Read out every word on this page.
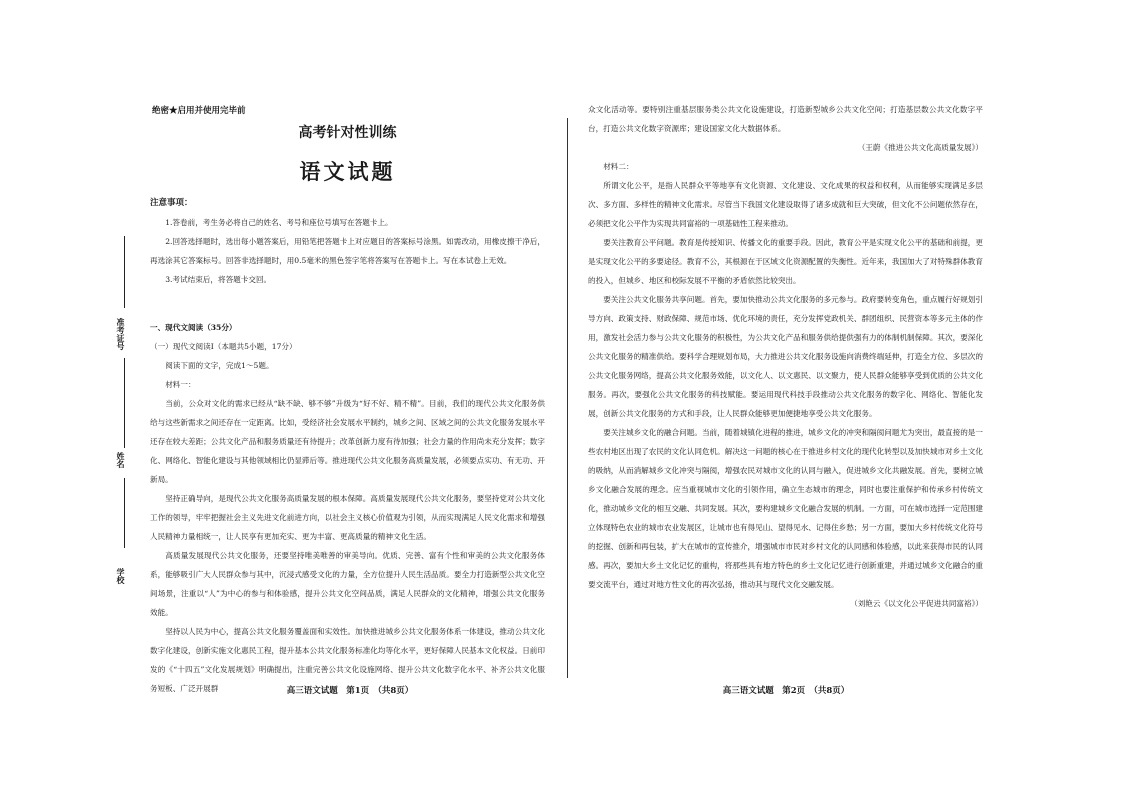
准考证号
姓名
学校
绝密★启用并使用完毕前
高考针对性训练
语文试题
注意事项：

1.答卷前，考生务必将自己的姓名、考号和座位号填写在答题卡上。

2.回答选择题时，选出每小题答案后，用铅笔把答题卡上对应题目的答案标号涂黑。如需改动，用橡皮擦干净后，再选涂其它答案标号。回答非选择题时，用0.5毫米的黑色签字笔将答案写在答题卡上。写在本试卷上无效。

3.考试结束后，将答题卡交回。

一、现代文阅读（35分）
（一）现代文阅读Ⅰ（本题共5小题，17分）

阅读下面的文字，完成1～5题。

材料一：

当前，公众对文化的需求已经从“缺不缺、够不够”升级为“好不好、精不精”。目前，我们的现代公共文化服务供给与这些新需求之间还存在一定距离。比如，受经济社会发展水平制约，城乡之间、区域之间的公共文化服务发展水平还存在较大差距；公共文化产品和服务质量还有待提升；改革创新力度有待加强；社会力量的作用尚未充分发挥；数字化、网络化、智能化建设与其他领域相比仍显滞后等。推进现代公共文化服务高质量发展，必须要点实功、有无功、开新局。

坚持正确导向，是现代公共文化服务高质量发展的根本保障。高质量发展现代公共文化服务，要坚持党对公共文化工作的领导，牢牢把握社会主义先进文化前进方向，以社会主义核心价值观为引领，从而实现满足人民文化需求和增强人民精神力量相统一，让人民享有更加充实、更为丰富、更高质量的精神文化生活。

高质量发展现代公共文化服务，还要坚持唯美唯善的审美导向。优质、完善、富有个性和审美的公共文化服务体系，能够吸引广大人民群众参与其中，沉浸式感受文化的力量，全方位提升人民生活品质。要全力打造新型公共文化空间场景，注重以“人”为中心的参与和体验感，提升公共文化空间品质，满足人民群众的文化精神，增强公共文化服务效能。

坚持以人民为中心，提高公共文化服务覆盖面和实效性。加快推进城乡公共文化服务体系一体建设，推动公共文化数字化建设，创新实施文化惠民工程，提升基本公共文化服务标准化均等化水平，更好保障人民基本文化权益。日前印发的《“十四五”文化发展规划》明确提出，注重完善公共文化设施网络、提升公共文化数字化水平、补齐公共文化服务短板、广泛开展群

众文化活动等。要特别注重基层服务类公共文化设施建设，打造新型城乡公共文化空间；打造基层数公共文化数字平台，打造公共文化数字资源库；建设国家文化大数据体系。

（王蔚《推进公共文化高质量发展》）

材料二：

所谓文化公平，是指人民群众平等地享有文化资源、文化建设、文化成果的权益和权利，从而能够实现满足多层次、多方面、多样性的精神文化需求。尽管当下我国文化建设取得了诸多成就和巨大突破，但文化不公问题依然存在，必须把文化公平作为实现共同富裕的一项基础性工程来推动。

要关注教育公平问题。教育是传授知识、传播文化的重要手段。因此，教育公平是实现文化公平的基础和前提，更是实现文化公平的多要途径。教育不公，其根源在于区域文化资源配置的失衡性。近年来，我国加大了对特殊群体教育的投入，但城乡、地区和校际发展不平衡的矛盾依然比较突出。

要关注公共文化服务共享问题。首先，要加快推动公共文化服务的多元参与。政府要转变角色，重点履行好规划引导方向、政策支持、财政保障、规范市场、优化环境的责任，充分发挥党政机关、群团组织、民营资本等多元主体的作用，激发社会活力参与公共文化服务的积极性，为公共文化产品和服务供给提供强有力的体制机制保障。其次，要深化公共文化服务的精准供给。要科学合理规划布局，大力推进公共文化服务设施向消费终端延伸，打造全方位、多层次的公共文化服务网络，提高公共文化服务效能，以文化人、以文惠民、以文聚力，使人民群众能够享受到优质的公共文化服务。再次，要强化公共文化服务的科技赋能。要运用现代科技手段推动公共文化服务的数字化、网络化、智能化发展，创新公共文化服务的方式和手段，让人民群众能够更加便捷地享受公共文化服务。

要关注城乡文化的融合问题。当前，随着城镇化进程的推进，城乡文化的冲突和隔阂问题尤为突出，最直接的是一些农村地区出现了农民的文化认同危机。解决这一问题的核心在于推进乡村文化的现代化转型以及加快城市对乡土文化的吸纳，从而消解城乡文化冲突与隔阂，增强农民对城市文化的认同与融入，促进城乡文化共融发展。首先，要树立城乡文化融合发展的理念。应当重视城市文化的引领作用，确立生态城市的理念，同时也要注重保护和传承乡村传统文化，推动城乡文化的相互交融、共同发展。其次，要构建城乡文化融合发展的机制。一方面，可在城市选择一定范围建立体现特色农业的城市农业发展区，让城市也有得见山、望得见水、记得住乡愁；另一方面，要加大乡村传统文化符号的挖掘、创新和再包装，扩大在城市的宣传推介，增强城市市民对乡村文化的认同感和体验感，以此来获得市民的认同感。再次，要加大乡土文化记忆的重构，将那些具有地方特色的乡土文化记忆进行创新重建，并通过城乡文化融合的重要交流平台，通过对地方性文化的再次弘扬，推动其与现代文化交融发展。

（刘艳云《以文化公平促进共同富裕》）

高三语文试题　第1页　（共8页）	高三语文试题　第2页　（共8页）
